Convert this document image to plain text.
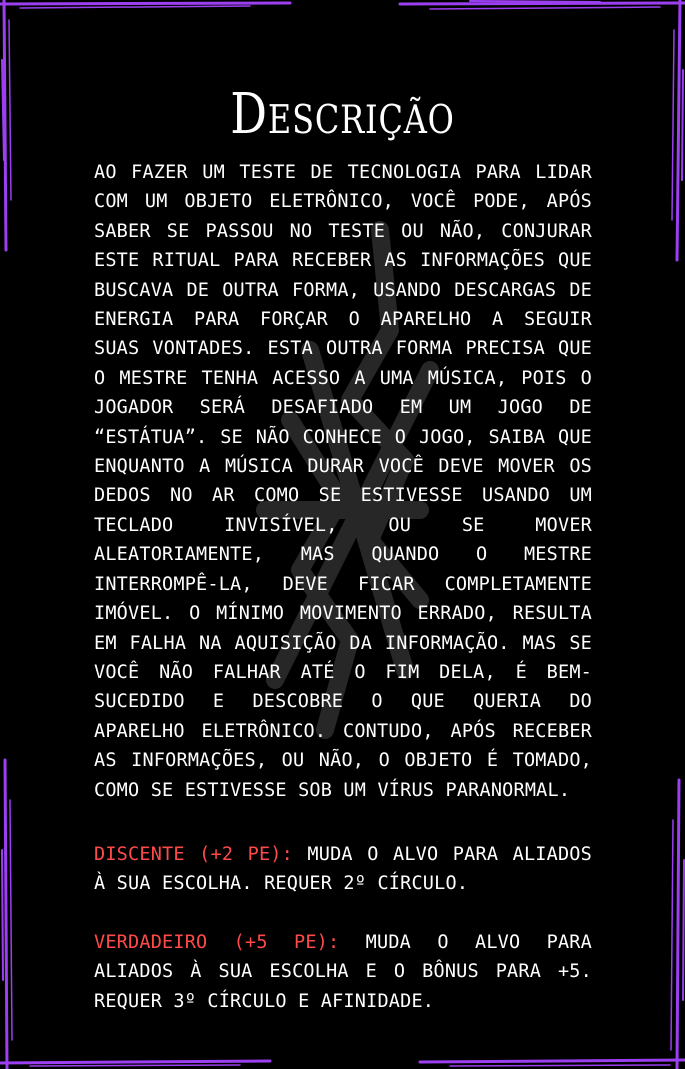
Descrição

AO FAZER UM TESTE DE TECNOLOGIA PARA LIDAR COM UM OBJETO ELETRÔNICO, VOCÊ PODE, APÓS SABER SE PASSOU NO TESTE OU NÃO, CONJURAR ESTE RITUAL PARA RECEBER AS INFORMAÇÕES QUE BUSCAVA DE OUTRA FORMA, USANDO DESCARGAS DE ENERGIA PARA FORÇAR O APARELHO A SEGUIR SUAS VONTADES. ESTA OUTRA FORMA PRECISA QUE O MESTRE TENHA ACESSO A UMA MÚSICA, POIS O JOGADOR SERÁ DESAFIADO EM UM JOGO DE “ESTÁTUA”. SE NÃO CONHECE O JOGO, SAIBA QUE ENQUANTO A MÚSICA DURAR VOCÊ DEVE MOVER OS DEDOS NO AR COMO SE ESTIVESSE USANDO UM TECLADO INVISÍVEL, OU SE MOVER ALEATORIAMENTE, MAS QUANDO O MESTRE INTERROMPÊ-LA, DEVE FICAR COMPLETAMENTE IMÓVEL. O MÍNIMO MOVIMENTO ERRADO, RESULTA EM FALHA NA AQUISIÇÃO DA INFORMAÇÃO. MAS SE VOCÊ NÃO FALHAR ATÉ O FIM DELA, É BEM-SUCEDIDO E DESCOBRE O QUE QUERIA DO APARELHO ELETRÔNICO. CONTUDO, APÓS RECEBER AS INFORMAÇÕES, OU NÃO, O OBJETO É TOMADO, COMO SE ESTIVESSE SOB UM VÍRUS PARANORMAL.

DISCENTE (+2 PE): MUDA O ALVO PARA ALIADOS À SUA ESCOLHA. REQUER 2º CÍRCULO.

VERDADEIRO (+5 PE): MUDA O ALVO PARA ALIADOS À SUA ESCOLHA E O BÔNUS PARA +5. REQUER 3º CÍRCULO E AFINIDADE.
